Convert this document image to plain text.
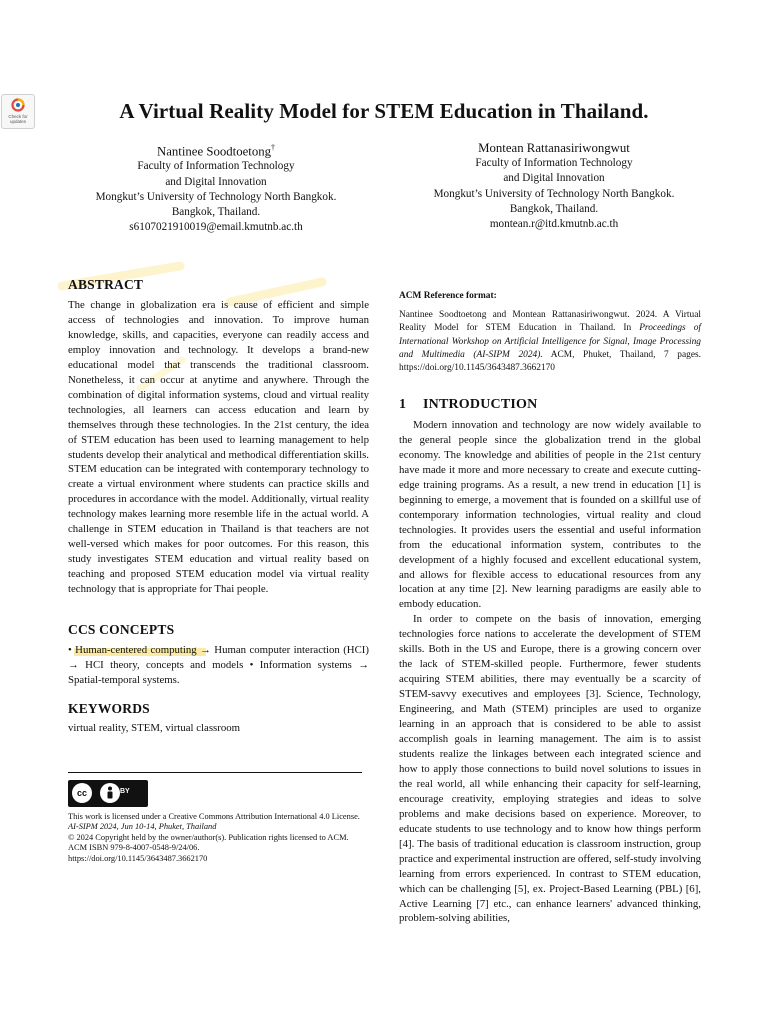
Check for updates	A Virtual Reality Model for STEM Education in Thailand.
Nantinee Soodtoetong†
Faculty of Information Technology
and Digital Innovation
Mongkut’s University of Technology North Bangkok.
Bangkok, Thailand.
s6107021910019@email.kmutnb.ac.th
Montean Rattanasiriwongwut
Faculty of Information Technology
and Digital Innovation
Mongkut’s University of Technology North Bangkok.
Bangkok, Thailand.
montean.r@itd.kmutnb.ac.th
ABSTRACT

The change in globalization era is cause of efficient and simple access of technologies and innovation. To improve human knowledge, skills, and capacities, everyone can readily access and employ innovation and technology. It develops a brand-new educational model that transcends the traditional classroom. Nonetheless, it can occur at anytime and anywhere. Through the combination of digital information systems, cloud and virtual reality technologies, all learners can access education and learn by themselves through these technologies. In the 21st century, the idea of STEM education has been used to learning management to help students develop their analytical and methodical differentiation skills. STEM education can be integrated with contemporary technology to create a virtual environment where students can practice skills and procedures in accordance with the model. Additionally, virtual reality technology makes learning more resemble life in the actual world. A challenge in STEM education in Thailand is that teachers are not well-versed which makes for poor outcomes. For this reason, this study investigates STEM education and virtual reality based on teaching and proposed STEM education model via virtual reality technology that is appropriate for Thai people.

CCS CONCEPTS

• Human-centered computing → Human computer interaction (HCI) → HCI theory, concepts and models • Information systems → Spatial-temporal systems.

KEYWORDS

virtual reality, STEM, virtual classroom

cc	BY
This work is licensed under a Creative Commons Attribution International 4.0 License.
AI-SIPM 2024, Jun 10-14, Phuket, Thailand
© 2024 Copyright held by the owner/author(s). Publication rights licensed to ACM. ACM ISBN 979-8-4007-0548-9/24/06.
https://doi.org/10.1145/3643487.3662170

ACM Reference format:

Nantinee Soodtoetong and Montean Rattanasiriwongwut. 2024. A Virtual Reality Model for STEM Education in Thailand. In Proceedings of International Workshop on Artificial Intelligence for Signal, Image Processing and Multimedia (AI-SIPM 2024). ACM, Phuket, Thailand, 7 pages. https://doi.org/10.1145/3643487.3662170

1 INTRODUCTION

Modern innovation and technology are now widely available to the general people since the globalization trend in the global economy. The knowledge and abilities of people in the 21st century have made it more and more necessary to create and execute cutting-edge training programs. As a result, a new trend in education [1] is beginning to emerge, a movement that is founded on a skillful use of contemporary information technologies, virtual reality and cloud technologies. It provides users the essential and useful information from the educational information system, contributes to the development of a highly focused and excellent educational system, and allows for flexible access to educational resources from any location at any time [2]. New learning paradigms are easily able to embody education.

In order to compete on the basis of innovation, emerging technologies force nations to accelerate the development of STEM skills. Both in the US and Europe, there is a growing concern over the lack of STEM-skilled people. Furthermore, fewer students acquiring STEM abilities, there may eventually be a scarcity of STEM-savvy executives and employees [3]. Science, Technology, Engineering, and Math (STEM) principles are used to organize learning in an approach that is considered to be able to assist accomplish goals in learning management. The aim is to assist students realize the linkages between each integrated science and how to apply those connections to build novel solutions to issues in the real world, all while enhancing their capacity for self-learning, encourage creativity, employing strategies and ideas to solve problems and make decisions based on experience. Moreover, to educate students to use technology and to know how things perform [4]. The basis of traditional education is classroom instruction, group practice and experimental instruction are offered, self-study involving learning from errors experienced. In contrast to STEM education, which can be challenging [5], ex. Project-Based Learning (PBL) [6], Active Learning [7] etc., can enhance learners' advanced thinking, problem-solving abilities,
